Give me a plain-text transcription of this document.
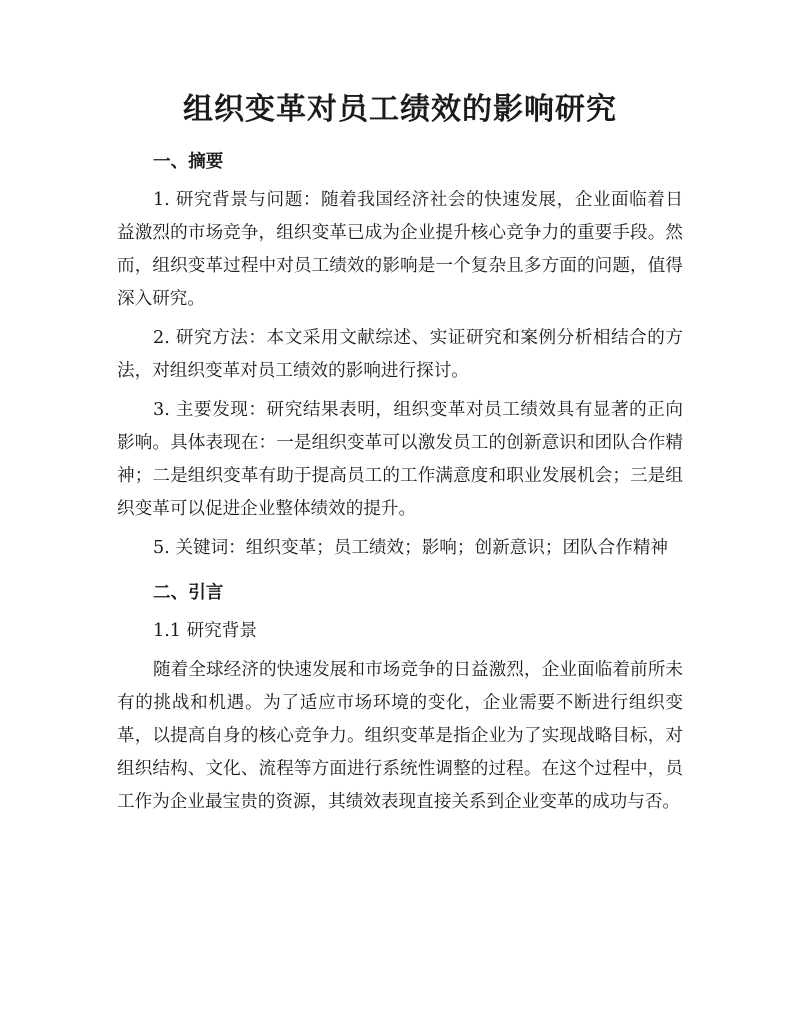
组织变革对员工绩效的影响研究
一、摘要

1. 研究背景与问题：随着我国经济社会的快速发展，企业面临着日益激烈的市场竞争，组织变革已成为企业提升核心竞争力的重要手段。然而，组织变革过程中对员工绩效的影响是一个复杂且多方面的问题，值得深入研究。

2. 研究方法：本文采用文献综述、实证研究和案例分析相结合的方法，对组织变革对员工绩效的影响进行探讨。

3. 主要发现：研究结果表明，组织变革对员工绩效具有显著的正向影响。具体表现在：一是组织变革可以激发员工的创新意识和团队合作精神；二是组织变革有助于提高员工的工作满意度和职业发展机会；三是组织变革可以促进企业整体绩效的提升。

5. 关键词：组织变革；员工绩效；影响；创新意识；团队合作精神

二、引言

1.1 研究背景

随着全球经济的快速发展和市场竞争的日益激烈，企业面临着前所未有的挑战和机遇。为了适应市场环境的变化，企业需要不断进行组织变革，以提高自身的核心竞争力。组织变革是指企业为了实现战略目标，对组织结构、文化、流程等方面进行系统性调整的过程。在这个过程中，员工作为企业最宝贵的资源，其绩效表现直接关系到企业变革的成功与否。
